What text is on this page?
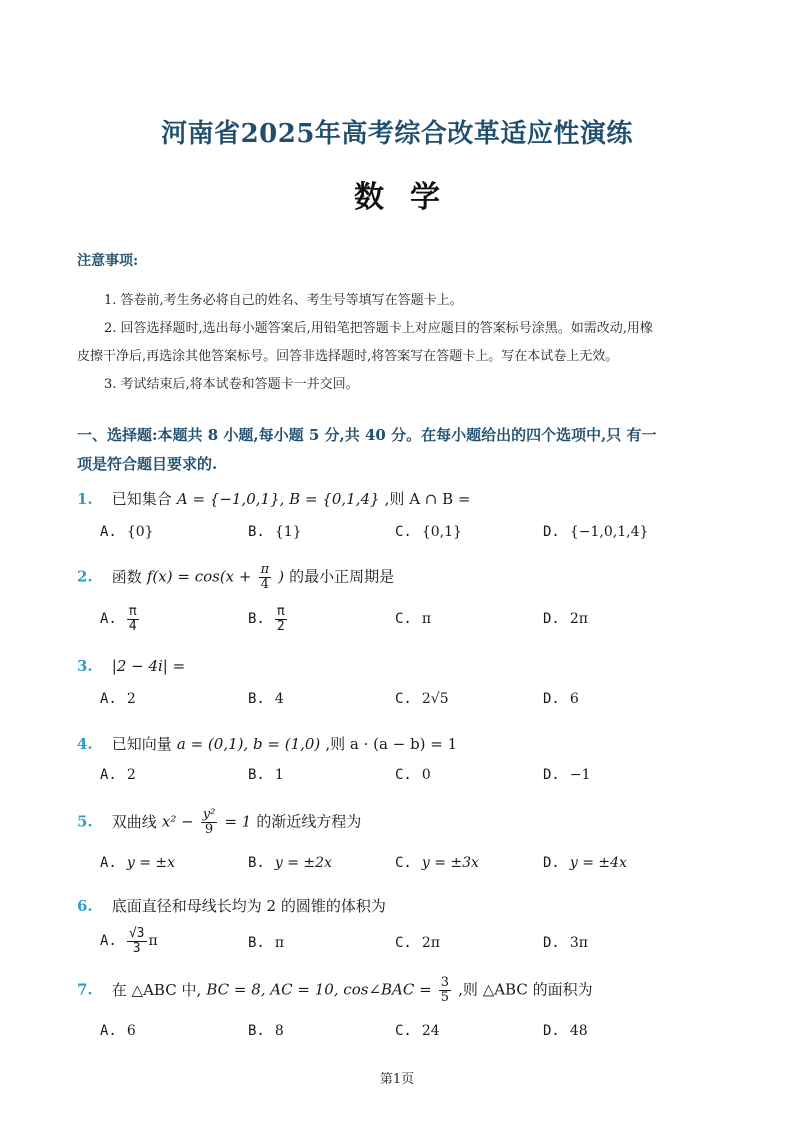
河南省2025年高考综合改革适应性演练
数学
注意事项:
1. 答卷前,考生务必将自己的姓名、考生号等填写在答题卡上。
2. 回答选择题时,选出每小题答案后,用铅笔把答题卡上对应题目的答案标号涂黑。如需改动,用橡
皮擦干净后,再选涂其他答案标号。回答非选择题时,将答案写在答题卡上。写在本试卷上无效。
3. 考试结束后,将本试卷和答题卡一并交回。
一、选择题:本题共 8 小题,每小题 5 分,共 40 分。在每小题给出的四个选项中,只 有一
项是符合题目要求的.
1. 已知集合 A = {−1,0,1}, B = {0,1,4} ,则 A ∩ B =
A. {0}	B. {1}	C. {0,1}	D. {−1,0,1,4}
2. 函数 $f(x) = \cos(x + \frac{\pi}{4}$ ) 的最小正周期是
A. $\frac{\pi}{4}$	B. $\frac{\pi}{2}$	C. π	D. 2π
3. |2 − 4i| =
A. 2	B. 4	C. 2√5	D. 6
4. 已知向量 a = (0,1), b = (1,0) ,则 a · (a − b) = 1
A. 2	B. 1	C. 0	D. −1
5. 双曲线 $x^2 - \frac{\text{y²}}{9} = 1$ 的渐近线方程为
A. y = ±x	B. y = ±2x	C. y = ±3x	D. y = ±4x
6. 底面直径和母线长均为 2 的圆锥的体积为
A. $\frac{√3}{3}$ π	B. π	C. 2π	D. 3π
7. 在 △ABC 中, BC = 8, AC = 10, cos∠BAC = $\frac{3}{5}$ ,则 △ABC 的面积为
A. 6	B. 8	C. 24	D. 48
第1页
